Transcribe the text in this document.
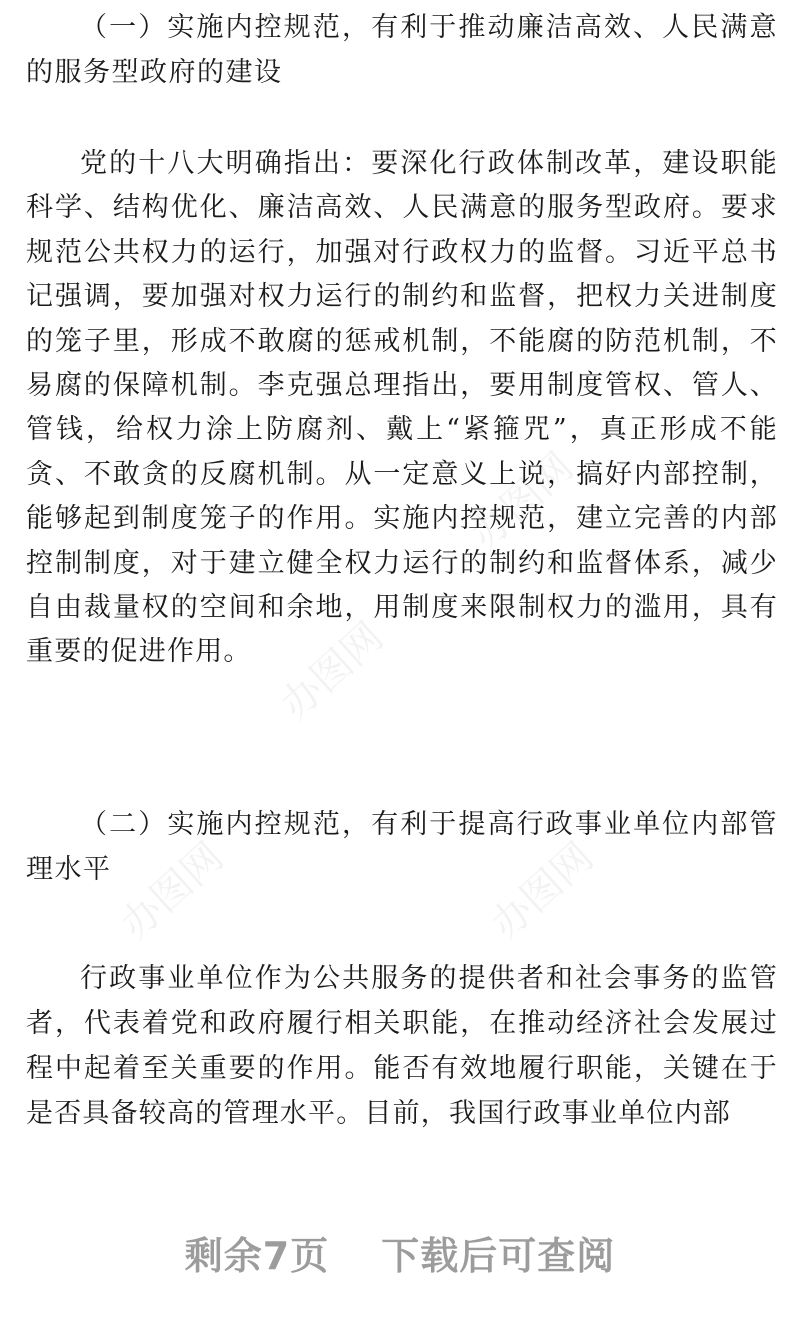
（一）实施内控规范，有利于推动廉洁高效、人民满意的服务型政府的建设

党的十八大明确指出：要深化行政体制改革，建设职能科学、结构优化、廉洁高效、人民满意的服务型政府。要求规范公共权力的运行，加强对行政权力的监督。习近平总书记强调，要加强对权力运行的制约和监督，把权力关进制度的笼子里，形成不敢腐的惩戒机制，不能腐的防范机制，不易腐的保障机制。李克强总理指出，要用制度管权、管人、管钱，给权力涂上防腐剂、戴上“紧箍咒”，真正形成不能贪、不敢贪的反腐机制。从一定意义上说，搞好内部控制，能够起到制度笼子的作用。实施内控规范，建立完善的内部控制制度，对于建立健全权力运行的制约和监督体系，减少自由裁量权的空间和余地，用制度来限制权力的滥用，具有重要的促进作用。

（二）实施内控规范，有利于提高行政事业单位内部管理水平

行政事业单位作为公共服务的提供者和社会事务的监管者，代表着党和政府履行相关职能，在推动经济社会发展过程中起着至关重要的作用。能否有效地履行职能，关键在于是否具备较高的管理水平。目前，我国行政事业单位内部

办图网
办图网
办图网	办图网
剩余7页 下载后可查阅
